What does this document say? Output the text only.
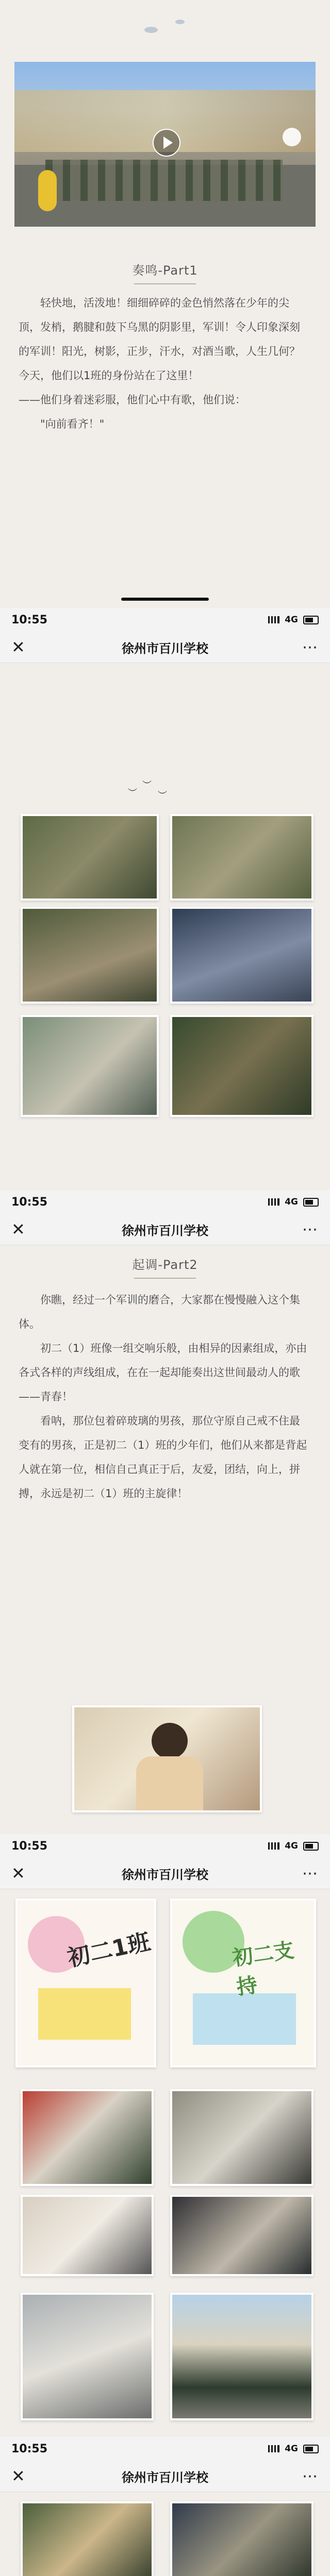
奏鸣-Part1

轻快地，活泼地！细细碎碎的金色悄然落在少年的尖顶，发梢，鹅腱和鼓下乌黑的阴影里，军训！令人印象深刻的军训！阳光，树影，正步，汗水，对酒当歌，人生几何？今天，他们以1班的身份站在了这里！

——他们身着迷彩服，他们心中有歌，他们说：

"向前看齐！"

10:55	4G
✕	徐州市百川学校	⋯
︶
︶
︶
10:55	4G
✕	徐州市百川学校	⋯
起调-Part2

你瞧，经过一个军训的磨合，大家都在慢慢融入这个集体。

初二（1）班像一组交响乐般，由相异的因素组成，亦由各式各样的声线组成，在在一起却能奏出这世间最动人的歌——青春！

看呐，那位包着碎玻璃的男孩，那位守原自己戒不住最变有的男孩，正是初二（1）班的少年们，他们从来都是背起人就在第一位，相信自己真正于后，友爱，团结，向上，拼搏，永远是初二（1）班的主旋律！

10:55	4G
✕	徐州市百川学校	⋯
初二1班	初二支持
10:55	4G
✕	徐州市百川学校	⋯
